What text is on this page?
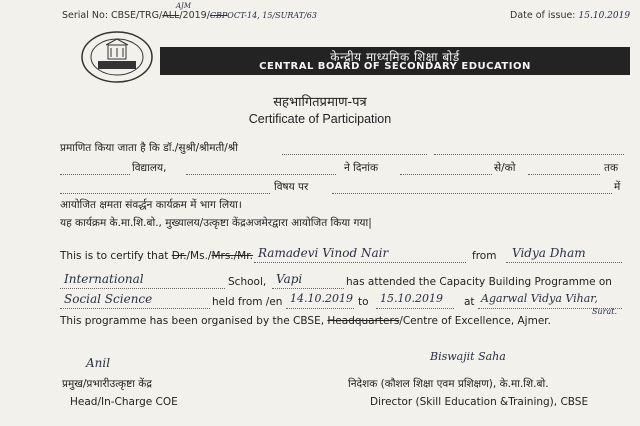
Serial No: CBSE/TRG/ALL/2019/CBPOCT-14, 15/SURAT/63
AJM
Date of issue: 15.10.2019
केन्द्रीय माध्यमिक शिक्षा बोर्ड
CENTRAL BOARD OF SECONDARY EDUCATION
सहभागितप्रमाण-पत्र
Certificate of Participation
प्रमाणित किया जाता है कि डॉ./सुश्री/श्रीमती/श्री
विद्यालय,	ने दिनांक	से/को	तक
विषय पर	में
आयोजित क्षमता संवर्द्धन कार्यक्रम में भाग लिया।
यह कार्यक्रम के.मा.शि.बो., मुख्यालय/उत्कृष्टा केंद्रअजमेरद्वारा आयोजित किया गया|
This is to certify that Dr./Ms./Mrs./Mr. Ramadevi Vinod Nair	from Vidya Dham
International	School, Vapi	has attended the Capacity Building Programme on
Social Science	held from /en 14.10.2019 to 15.10.2019 at Agarwal Vidya Vihar,
Surat.
This programme has been organised by the CBSE, Headquarters/Centre of Excellence, Ajmer.
Anil
प्रमुख/प्रभारीउत्कृष्टा केंद्र
Head/In-Charge COE
Biswajit Saha
निदेशक (कौशल शिक्षा एवम प्रशिक्षण), के.मा.शि.बो.
Director (Skill Education &Training), CBSE
